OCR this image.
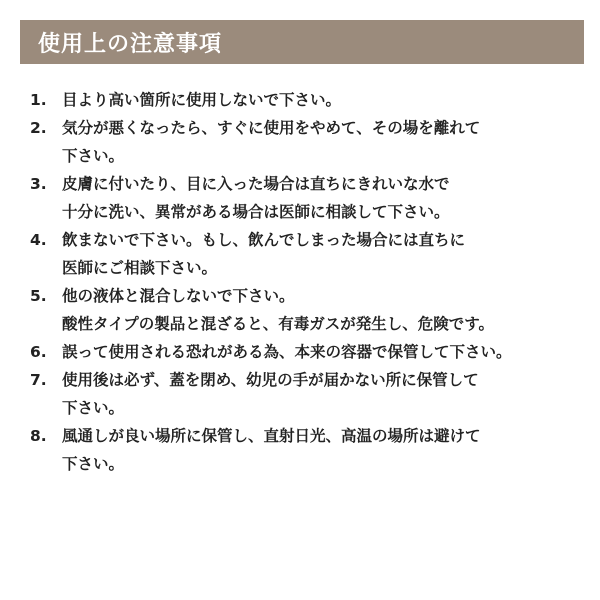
使用上の注意事項
1. 目より高い箇所に使用しないで下さい。
2. 気分が悪くなったら、すぐに使用をやめて、その場を離れて
下さい。
3. 皮膚に付いたり、目に入った場合は直ちにきれいな水で
十分に洗い、異常がある場合は医師に相談して下さい。
4. 飲まないで下さい。もし、飲んでしまった場合には直ちに
医師にご相談下さい。
5. 他の液体と混合しないで下さい。
酸性タイプの製品と混ざると、有毒ガスが発生し、危険です。
6. 誤って使用される恐れがある為、本来の容器で保管して下さい。
7. 使用後は必ず、蓋を閉め、幼児の手が届かない所に保管して
下さい。
8. 風通しが良い場所に保管し、直射日光、高温の場所は避けて
下さい。
